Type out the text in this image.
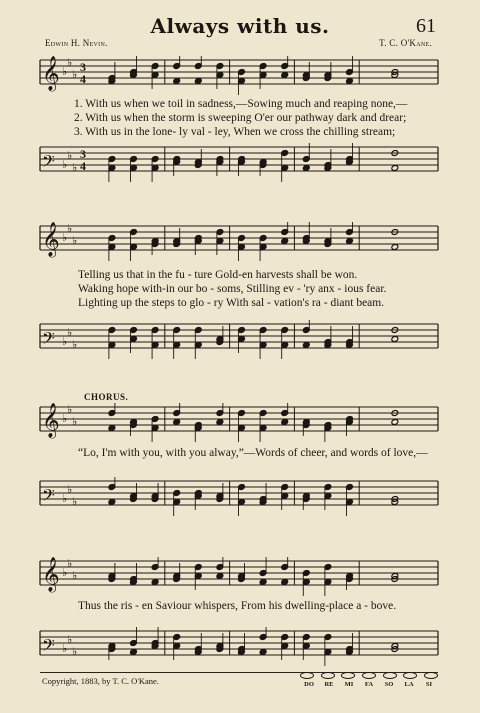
Always with us.	61
Edwin H. Nevin.	T. C. O'Kane.
𝄞 ♭
♭
♭
3
4
1. With us when we toil in sadness,—Sowing much and reaping none,—
2. With us when the storm is sweeping O'er our pathway dark and drear;
3. With us in the lone- ly val - ley, When we cross the chilling stream;
𝄢 ♭
♭
♭
3
4
𝄞 ♭
♭
♭
Telling us that in the fu - ture Gold-en harvests shall be won.
Waking hope with-in our bo - soms, Stilling ev - 'ry anx - ious fear.
Lighting up the steps to glo - ry With sal - vation's ra - diant beam.
𝄢 ♭
♭
♭
CHORUS.
𝄞 ♭
♭
♭
“Lo, I'm with you, with you alway,”—Words of cheer, and words of love,—
𝄢 ♭
♭
♭
𝄞 ♭
♭
♭
Thus the ris - en Saviour whispers, From his dwelling-place a - bove.
𝄢 ♭
♭
♭
Copyright, 1883, by T. C. O'Kane.	DO	RE	MI	FA	SO	LA	SI
